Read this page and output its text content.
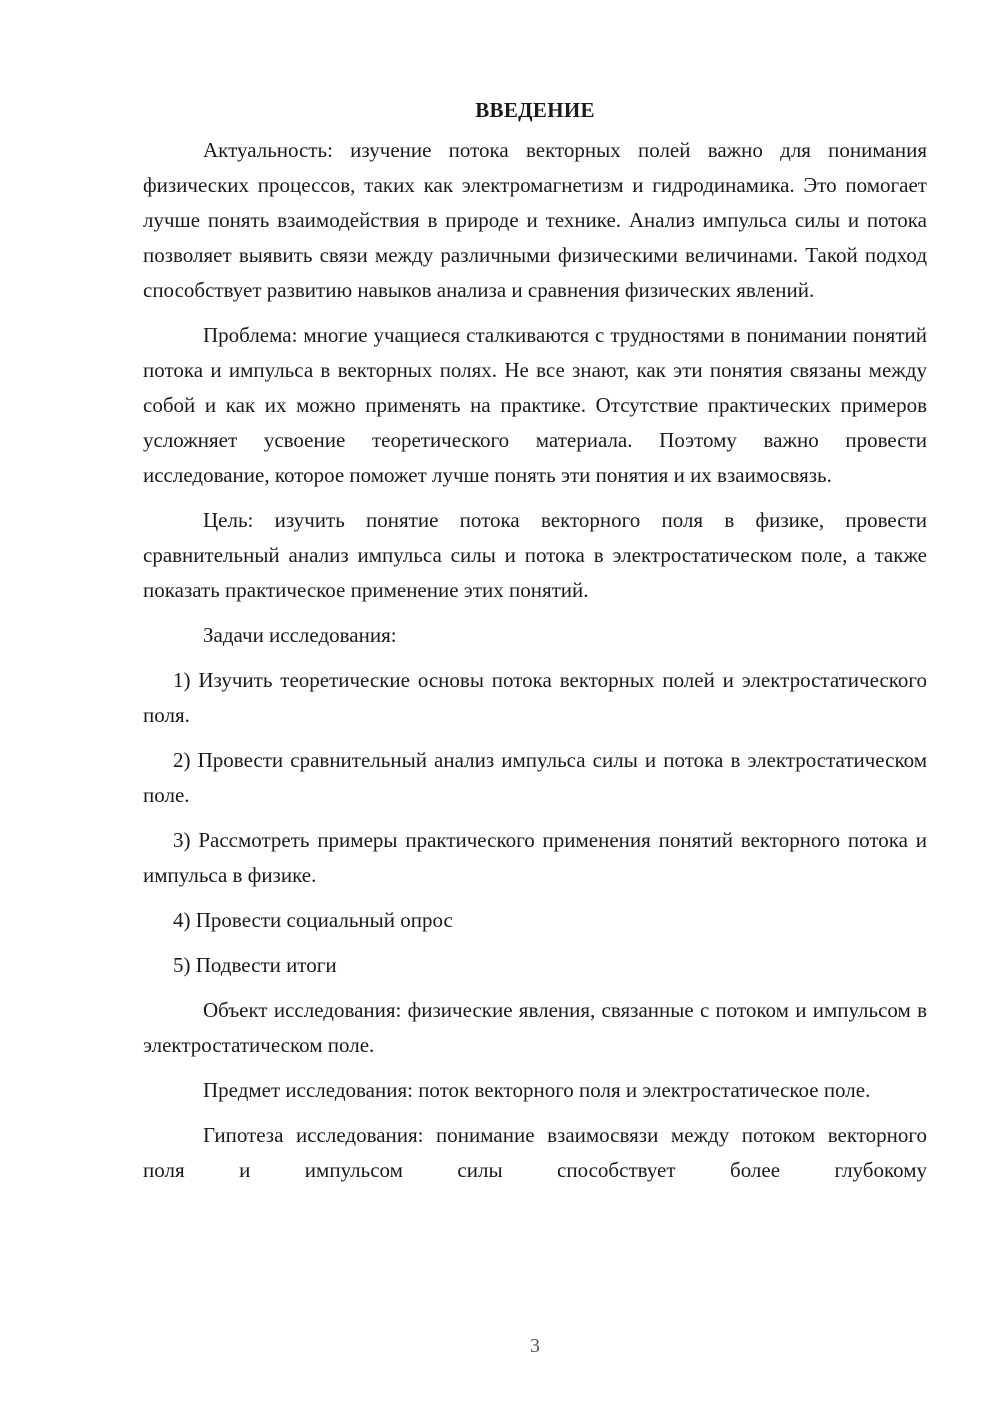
ВВЕДЕНИЕ

Актуальность: изучение потока векторных полей важно для понимания физических процессов, таких как электромагнетизм и гидродинамика. Это помогает лучше понять взаимодействия в природе и технике. Анализ импульса силы и потока позволяет выявить связи между различными физическими величинами. Такой подход способствует развитию навыков анализа и сравнения физических явлений.

Проблема: многие учащиеся сталкиваются с трудностями в понимании понятий потока и импульса в векторных полях. Не все знают, как эти понятия связаны между собой и как их можно применять на практике. Отсутствие практических примеров усложняет усвоение теоретического материала. Поэтому важно провести исследование, которое поможет лучше понять эти понятия и их взаимосвязь.

Цель: изучить понятие потока векторного поля в физике, провести сравнительный анализ импульса силы и потока в электростатическом поле, а также показать практическое применение этих понятий.

Задачи исследования:

1) Изучить теоретические основы потока векторных полей и электростатического поля.

2) Провести сравнительный анализ импульса силы и потока в электростатическом поле.

3) Рассмотреть примеры практического применения понятий векторного потока и импульса в физике.

4) Провести социальный опрос

5) Подвести итоги

Объект исследования: физические явления, связанные с потоком и импульсом в электростатическом поле.

Предмет исследования: поток векторного поля и электростатическое поле.

Гипотеза исследования: понимание взаимосвязи между потоком векторного поля и импульсом силы способствует более глубокому

3
